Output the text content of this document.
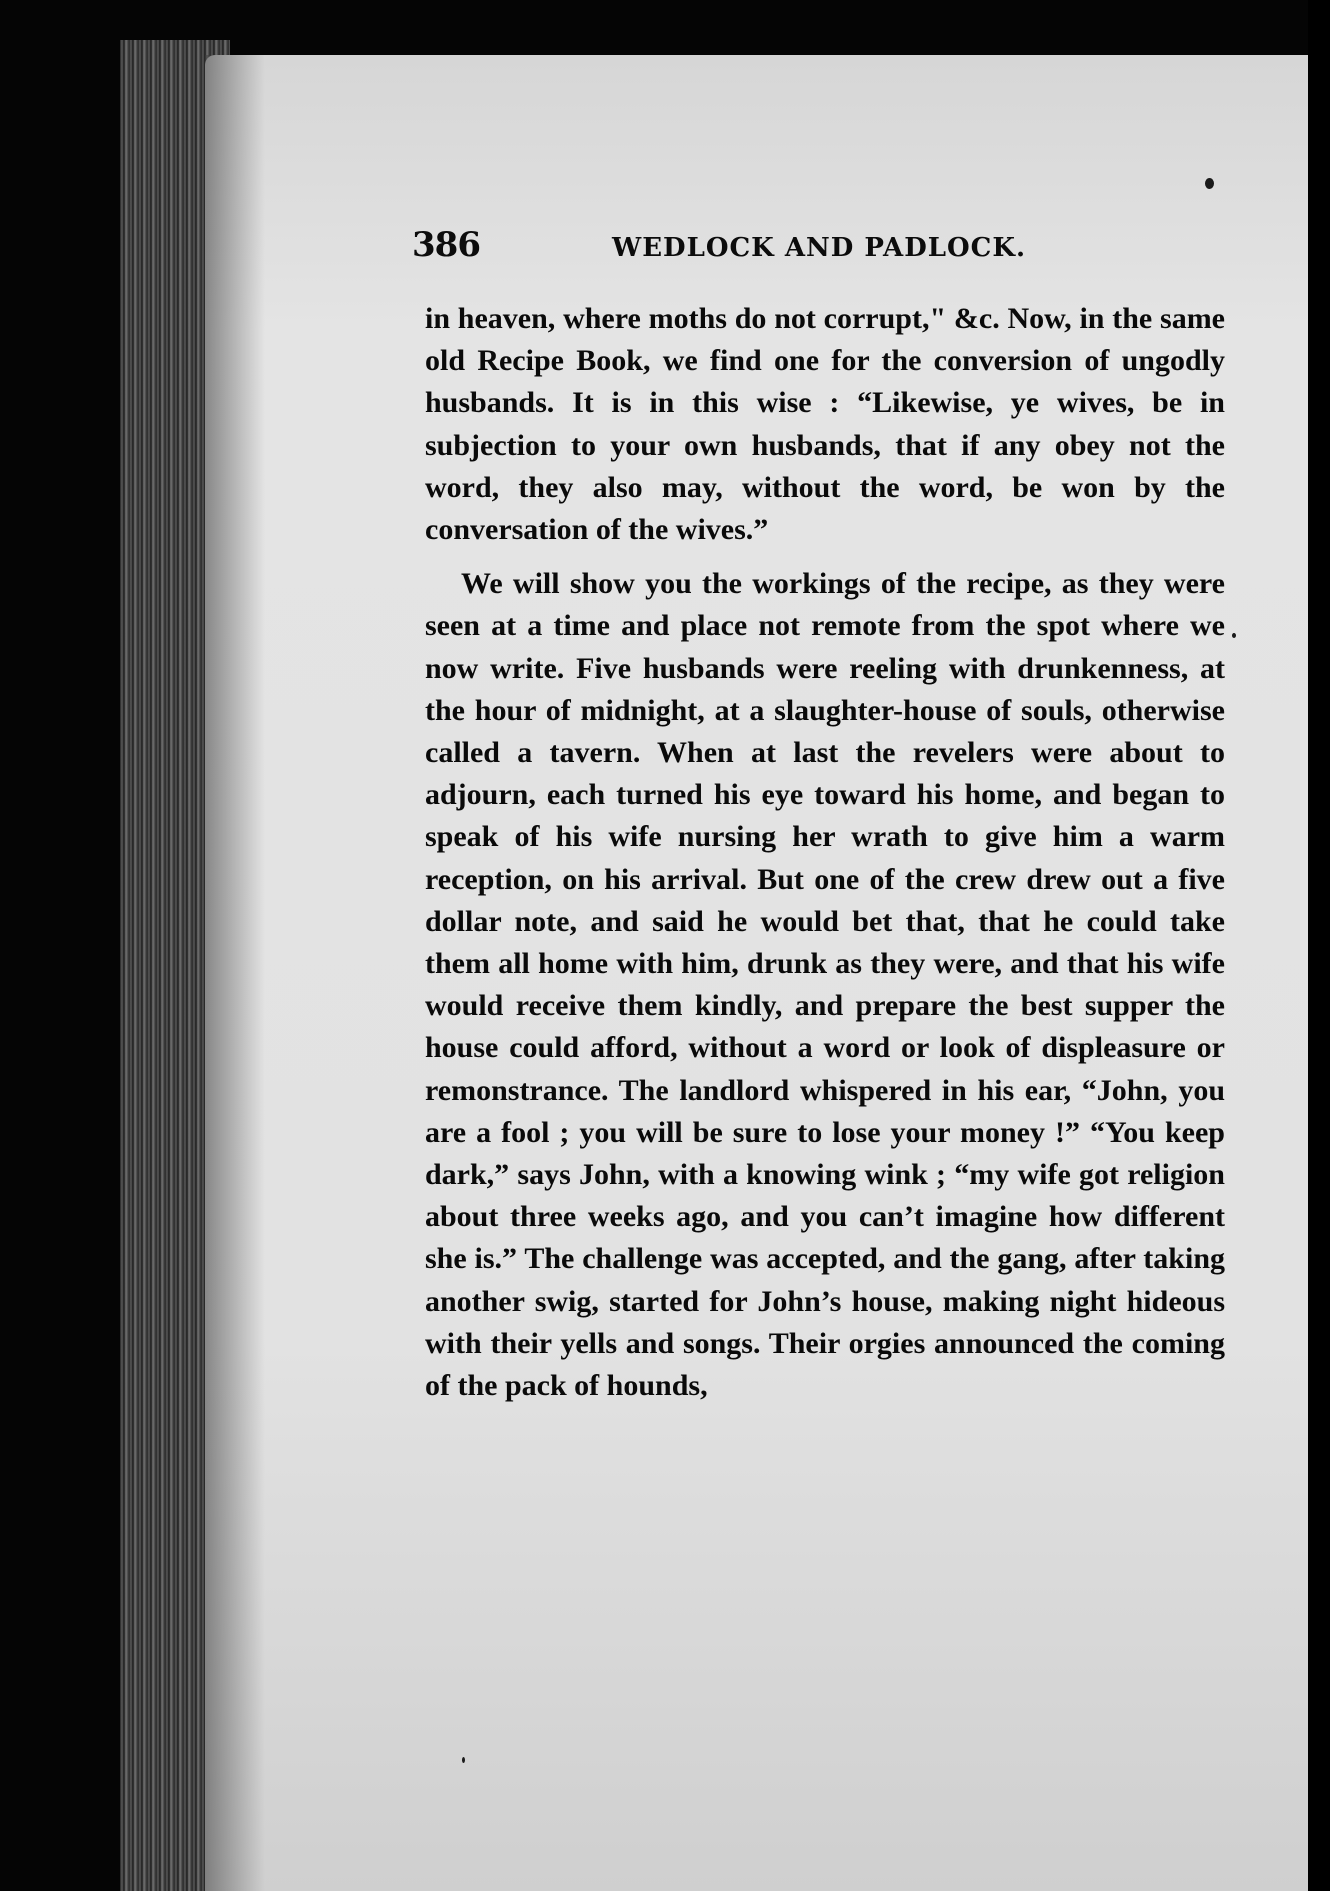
386	WEDLOCK AND PADLOCK.

in heaven, where moths do not corrupt," &c. Now, in the same old Recipe Book, we find one for the conversion of ungodly husbands. It is in this wise : “Likewise, ye wives, be in subjection to your own husbands, that if any obey not the word, they also may, without the word, be won by the conversation of the wives.”

We will show you the workings of the recipe, as they were seen at a time and place not remote from the spot where we now write. Five husbands were reeling with drunkenness, at the hour of midnight, at a slaughter-house of souls, otherwise called a tavern. When at last the revelers were about to adjourn, each turned his eye toward his home, and began to speak of his wife nursing her wrath to give him a warm reception, on his arrival. But one of the crew drew out a five dollar note, and said he would bet that, that he could take them all home with him, drunk as they were, and that his wife would receive them kindly, and prepare the best supper the house could afford, without a word or look of displeasure or remonstrance. The landlord whispered in his ear, “John, you are a fool ; you will be sure to lose your money !” “You keep dark,” says John, with a knowing wink ; “my wife got religion about three weeks ago, and you can’t imagine how different she is.” The challenge was accepted, and the gang, after taking another swig, started for John’s house, making night hideous with their yells and songs. Their orgies announced the coming of the pack of hounds,
